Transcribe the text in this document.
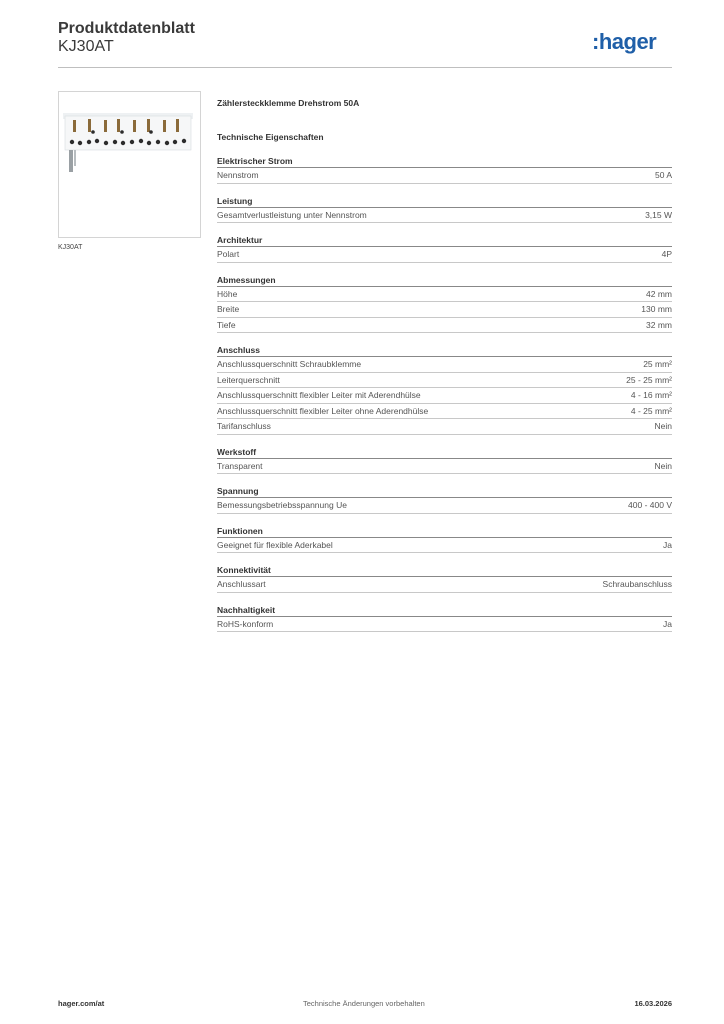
Produktdatenblatt
KJ30AT	:hager
KJ30AT
Zählersteckklemme Drehstrom 50A
Technische Eigenschaften
Elektrischer Strom
Nennstrom	50 A
Leistung
Gesamtverlustleistung unter Nennstrom	3,15 W
Architektur
Polart	4P
Abmessungen
Höhe	42 mm
Breite	130 mm
Tiefe	32 mm
Anschluss
Anschlussquerschnitt Schraubklemme	25 mm²
Leiterquerschnitt	25 - 25 mm²
Anschlussquerschnitt flexibler Leiter mit Aderendhülse	4 - 16 mm²
Anschlussquerschnitt flexibler Leiter ohne Aderendhülse	4 - 25 mm²
Tarifanschluss	Nein
Werkstoff
Transparent	Nein
Spannung
Bemessungsbetriebsspannung Ue	400 - 400 V
Funktionen
Geeignet für flexible Aderkabel	Ja
Konnektivität
Anschlussart	Schraubanschluss
Nachhaltigkeit
RoHS-konform	Ja
hager.com/at	Technische Änderungen vorbehalten	16.03.2026
